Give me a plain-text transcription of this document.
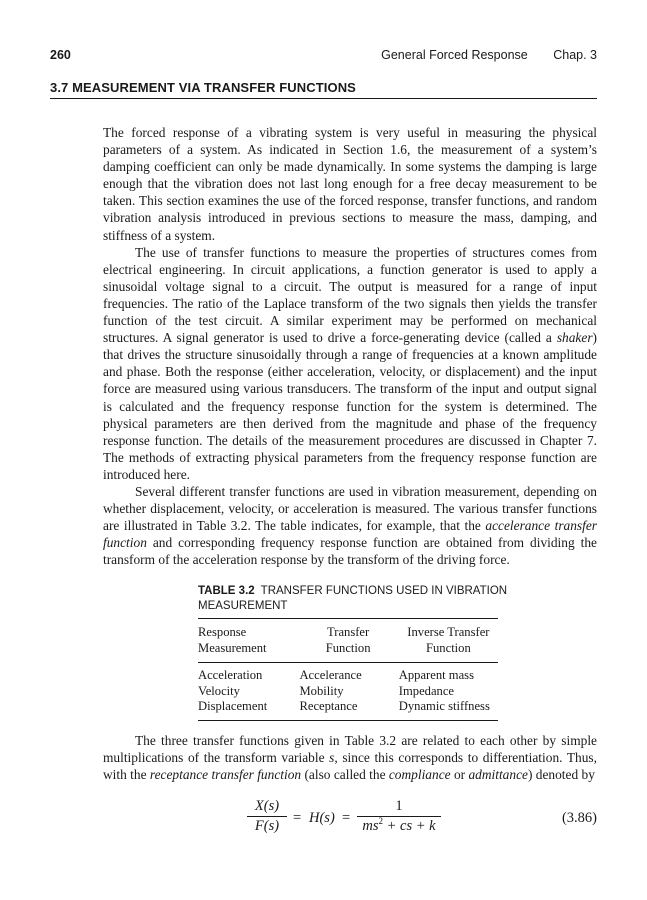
260	General Forced Response Chap. 3
3.7 MEASUREMENT VIA TRANSFER FUNCTIONS

The forced response of a vibrating system is very useful in measuring the physical parameters of a system. As indicated in Section 1.6, the measurement of a system’s damping coefficient can only be made dynamically. In some systems the damping is large enough that the vibration does not last long enough for a free decay measurement to be taken. This section examines the use of the forced response, transfer functions, and random vibration analysis introduced in previous sections to measure the mass, damping, and stiffness of a system.

The use of transfer functions to measure the properties of structures comes from electrical engineering. In circuit applications, a function generator is used to apply a sinusoidal voltage signal to a circuit. The output is measured for a range of input frequencies. The ratio of the Laplace transform of the two signals then yields the transfer function of the test circuit. A similar experiment may be performed on mechanical structures. A signal generator is used to drive a force-generating device (called a shaker) that drives the structure sinusoidally through a range of frequencies at a known amplitude and phase. Both the response (either acceleration, velocity, or displacement) and the input force are measured using various transducers. The transform of the input and output signal is calculated and the frequency response function for the system is determined. The physical parameters are then derived from the magnitude and phase of the frequency response function. The details of the measurement procedures are discussed in Chapter 7. The methods of extracting physical parameters from the frequency response function are introduced here.

Several different transfer functions are used in vibration measurement, depending on whether displacement, velocity, or acceleration is measured. The various transfer functions are illustrated in Table 3.2. The table indicates, for example, that the accelerance transfer function and corresponding frequency response function are obtained from dividing the transform of the acceleration response by the transform of the driving force.

TABLE 3.2 TRANSFER FUNCTIONS USED IN VIBRATION MEASUREMENT
Response	Transfer	Inverse Transfer
Measurement	Function	Function
Acceleration	Accelerance	Apparent mass
Velocity	Mobility	Impedance
Displacement	Receptance	Dynamic stiffness

The three transfer functions given in Table 3.2 are related to each other by simple multiplications of the transform variable s, since this corresponds to differentiation. Thus, with the receptance transfer function (also called the compliance or admittance) denoted by

X(s)
F(s) = H(s) =
1
$ms^2$ + cs + k	(3.86)
